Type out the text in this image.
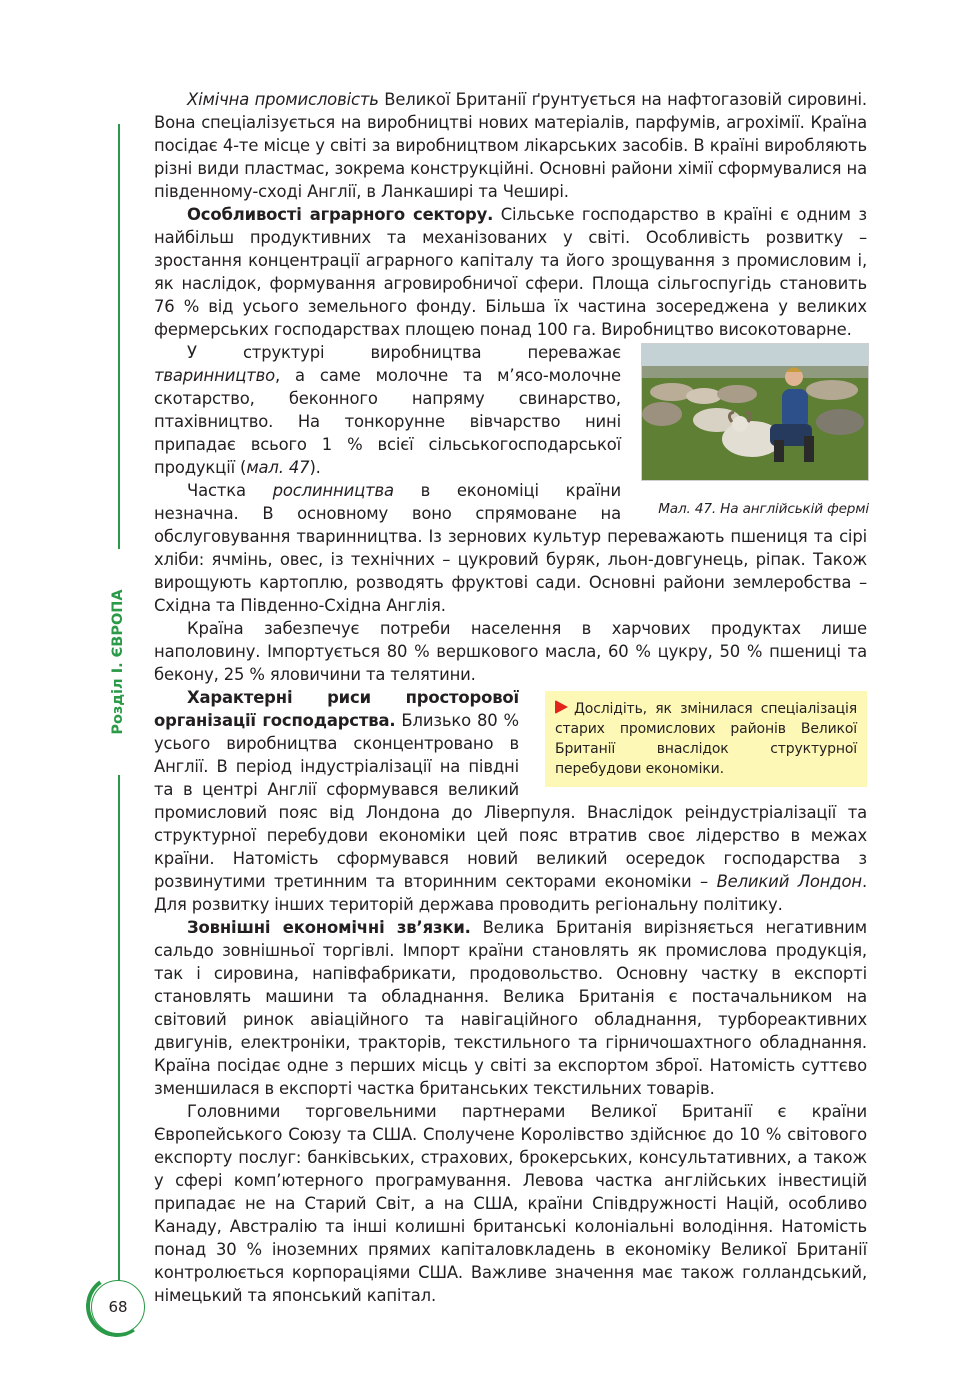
Розділ І. ЄВРОПА
68

Хімічна промисловість Великої Британії ґрунтується на нафтогазовій сировині. Вона спеціалізується на виробництві нових матеріалів, парфумів, агрохімії. Країна посідає 4-те місце у світі за виробництвом лікарських засобів. В країні виробляють різні види пластмас, зокрема конструкційні. Основні райони хімії сформувалися на південному-сході Англії, в Ланкаширі та Чеширі.

Особливості аграрного сектору. Сільське господарство в країні є одним з найбільш продуктивних та механізованих у світі. Особливість розвитку – зростання концентрації аграрного капіталу та його зрощування з промисловим і, як наслідок, формування агровиробничої сфери. Площа сільгоспугідь становить 76 % від усього земельного фонду. Більша їх частина зосереджена у великих фермерських господарствах площею понад 100 га. Виробництво високотоварне.

Мал. 47. На англійській фермі

У структурі виробництва переважає тваринництво, а саме молочне та м’ясо-молочне скотарство, беконного напряму свинарство, птахівництво. На тонкорунне вівчарство нині припадає всього 1 % всієї сільськогосподарської продукції (мал. 47).

Частка рослинництва в економіці країни незначна. В основному воно спрямоване на обслуговування тваринництва. Із зернових культур переважають пшениця та сірі хліби: ячмінь, овес, із технічних – цукровий буряк, льон-довгунець, ріпак. Також вирощують картоплю, розводять фруктові сади. Основні райони землеробства – Східна та Південно-Східна Англія.

Країна забезпечує потреби населення в харчових продуктах лише наполовину. Імпортується 80 % вершкового масла, 60 % цукру, 50 % пшениці та бекону, 25 % яловичини та телятини.

Дослідіть, як змінилася спеціалізація старих промислових районів Великої Британії внаслідок структурної перебудови економіки.

Характерні риси просторової організації господарства. Близько 80 % усього виробництва сконцентровано в Англії. В період індустріалізації на півдні та в центрі Англії сформувався великий промисловий пояс від Лондона до Ліверпуля. Внаслідок реіндустріалізації та структурної перебудови економіки цей пояс втратив своє лідерство в межах країни. Натомість сформувався новий великий осередок господарства з розвинутими третинним та вторинним секторами економіки – Великий Лондон. Для розвитку інших територій держава проводить регіональну політику.

Зовнішні економічні зв’язки. Велика Британія вирізняється негативним сальдо зовнішньої торгівлі. Імпорт країни становлять як промислова продукція, так і сировина, напівфабрикати, продовольство. Основну частку в експорті становлять машини та обладнання. Велика Британія є постачальником на світовий ринок авіаційного та навігаційного обладнання, турбореактивних двигунів, електроніки, тракторів, текстильного та гірничошахтного обладнання. Країна посідає одне з перших місць у світі за експортом зброї. Натомість суттєво зменшилася в експорті частка британських текстильних товарів.

Головними торговельними партнерами Великої Британії є країни Європейського Союзу та США. Сполучене Королівство здійснює до 10 % світового експорту послуг: банківських, страхових, брокерських, консультативних, а також у сфері комп’ютерного програмування. Левова частка англійських інвестицій припадає не на Старий Світ, а на США, країни Співдружності Націй, особливо Канаду, Австралію та інші колишні британські колоніальні володіння. Натомість понад 30 % іноземних прямих капіталовкладень в економіку Великої Британії контролюється корпораціями США. Важливе значення має також голландський, німецький та японський капітал.
